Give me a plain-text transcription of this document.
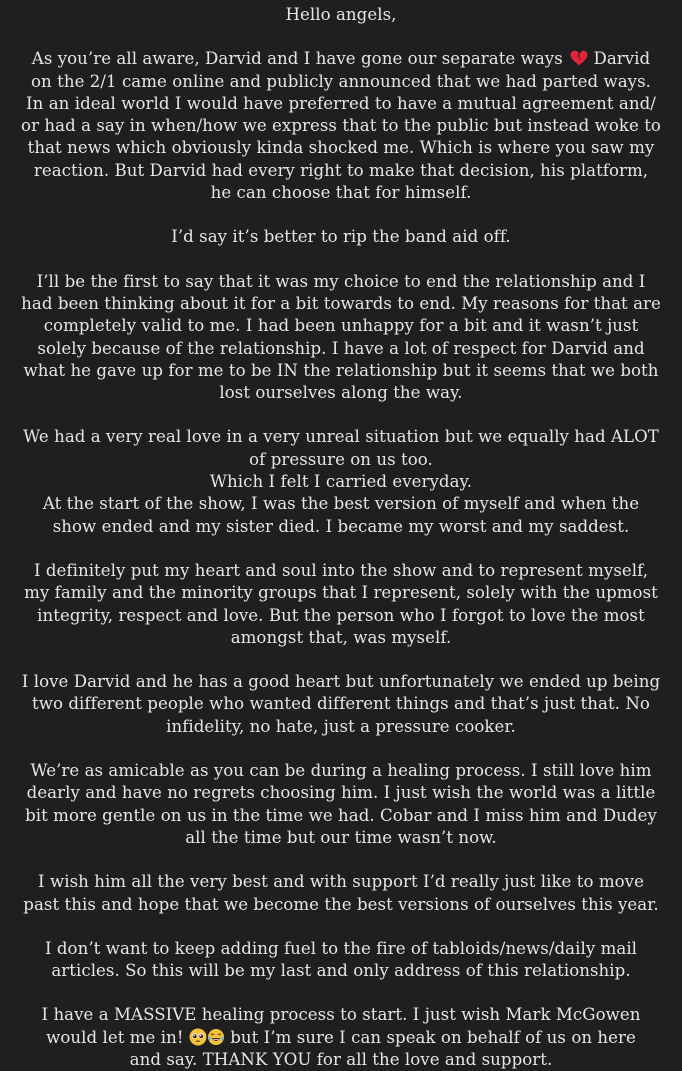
Hello angels,
As you’re all aware, Darvid and I have gone our separate ways Darvid
on the 2/1 came online and publicly announced that we had parted ways.
In an ideal world I would have preferred to have a mutual agreement and/
or had a say in when/how we express that to the public but instead woke to
that news which obviously kinda shocked me. Which is where you saw my
reaction. But Darvid had every right to make that decision, his platform,
he can choose that for himself.
I’d say it’s better to rip the band aid off.
I’ll be the first to say that it was my choice to end the relationship and I
had been thinking about it for a bit towards to end. My reasons for that are
completely valid to me. I had been unhappy for a bit and it wasn’t just
solely because of the relationship. I have a lot of respect for Darvid and
what he gave up for me to be IN the relationship but it seems that we both
lost ourselves along the way.
We had a very real love in a very unreal situation but we equally had ALOT
of pressure on us too.
Which I felt I carried everyday.
At the start of the show, I was the best version of myself and when the
show ended and my sister died. I became my worst and my saddest.
I definitely put my heart and soul into the show and to represent myself,
my family and the minority groups that I represent, solely with the upmost
integrity, respect and love. But the person who I forgot to love the most
amongst that, was myself.
I love Darvid and he has a good heart but unfortunately we ended up being
two different people who wanted different things and that’s just that. No
infidelity, no hate, just a pressure cooker.
We’re as amicable as you can be during a healing process. I still love him
dearly and have no regrets choosing him. I just wish the world was a little
bit more gentle on us in the time we had. Cobar and I miss him and Dudey
all the time but our time wasn’t now.
I wish him all the very best and with support I’d really just like to move
past this and hope that we become the best versions of ourselves this year.
I don’t want to keep adding fuel to the fire of tabloids/news/daily mail
articles. So this will be my last and only address of this relationship.
I have a MASSIVE healing process to start. I just wish Mark McGowen
would let me in!	but I’m sure I can speak on behalf of us on here
and say. THANK YOU for all the love and support.
